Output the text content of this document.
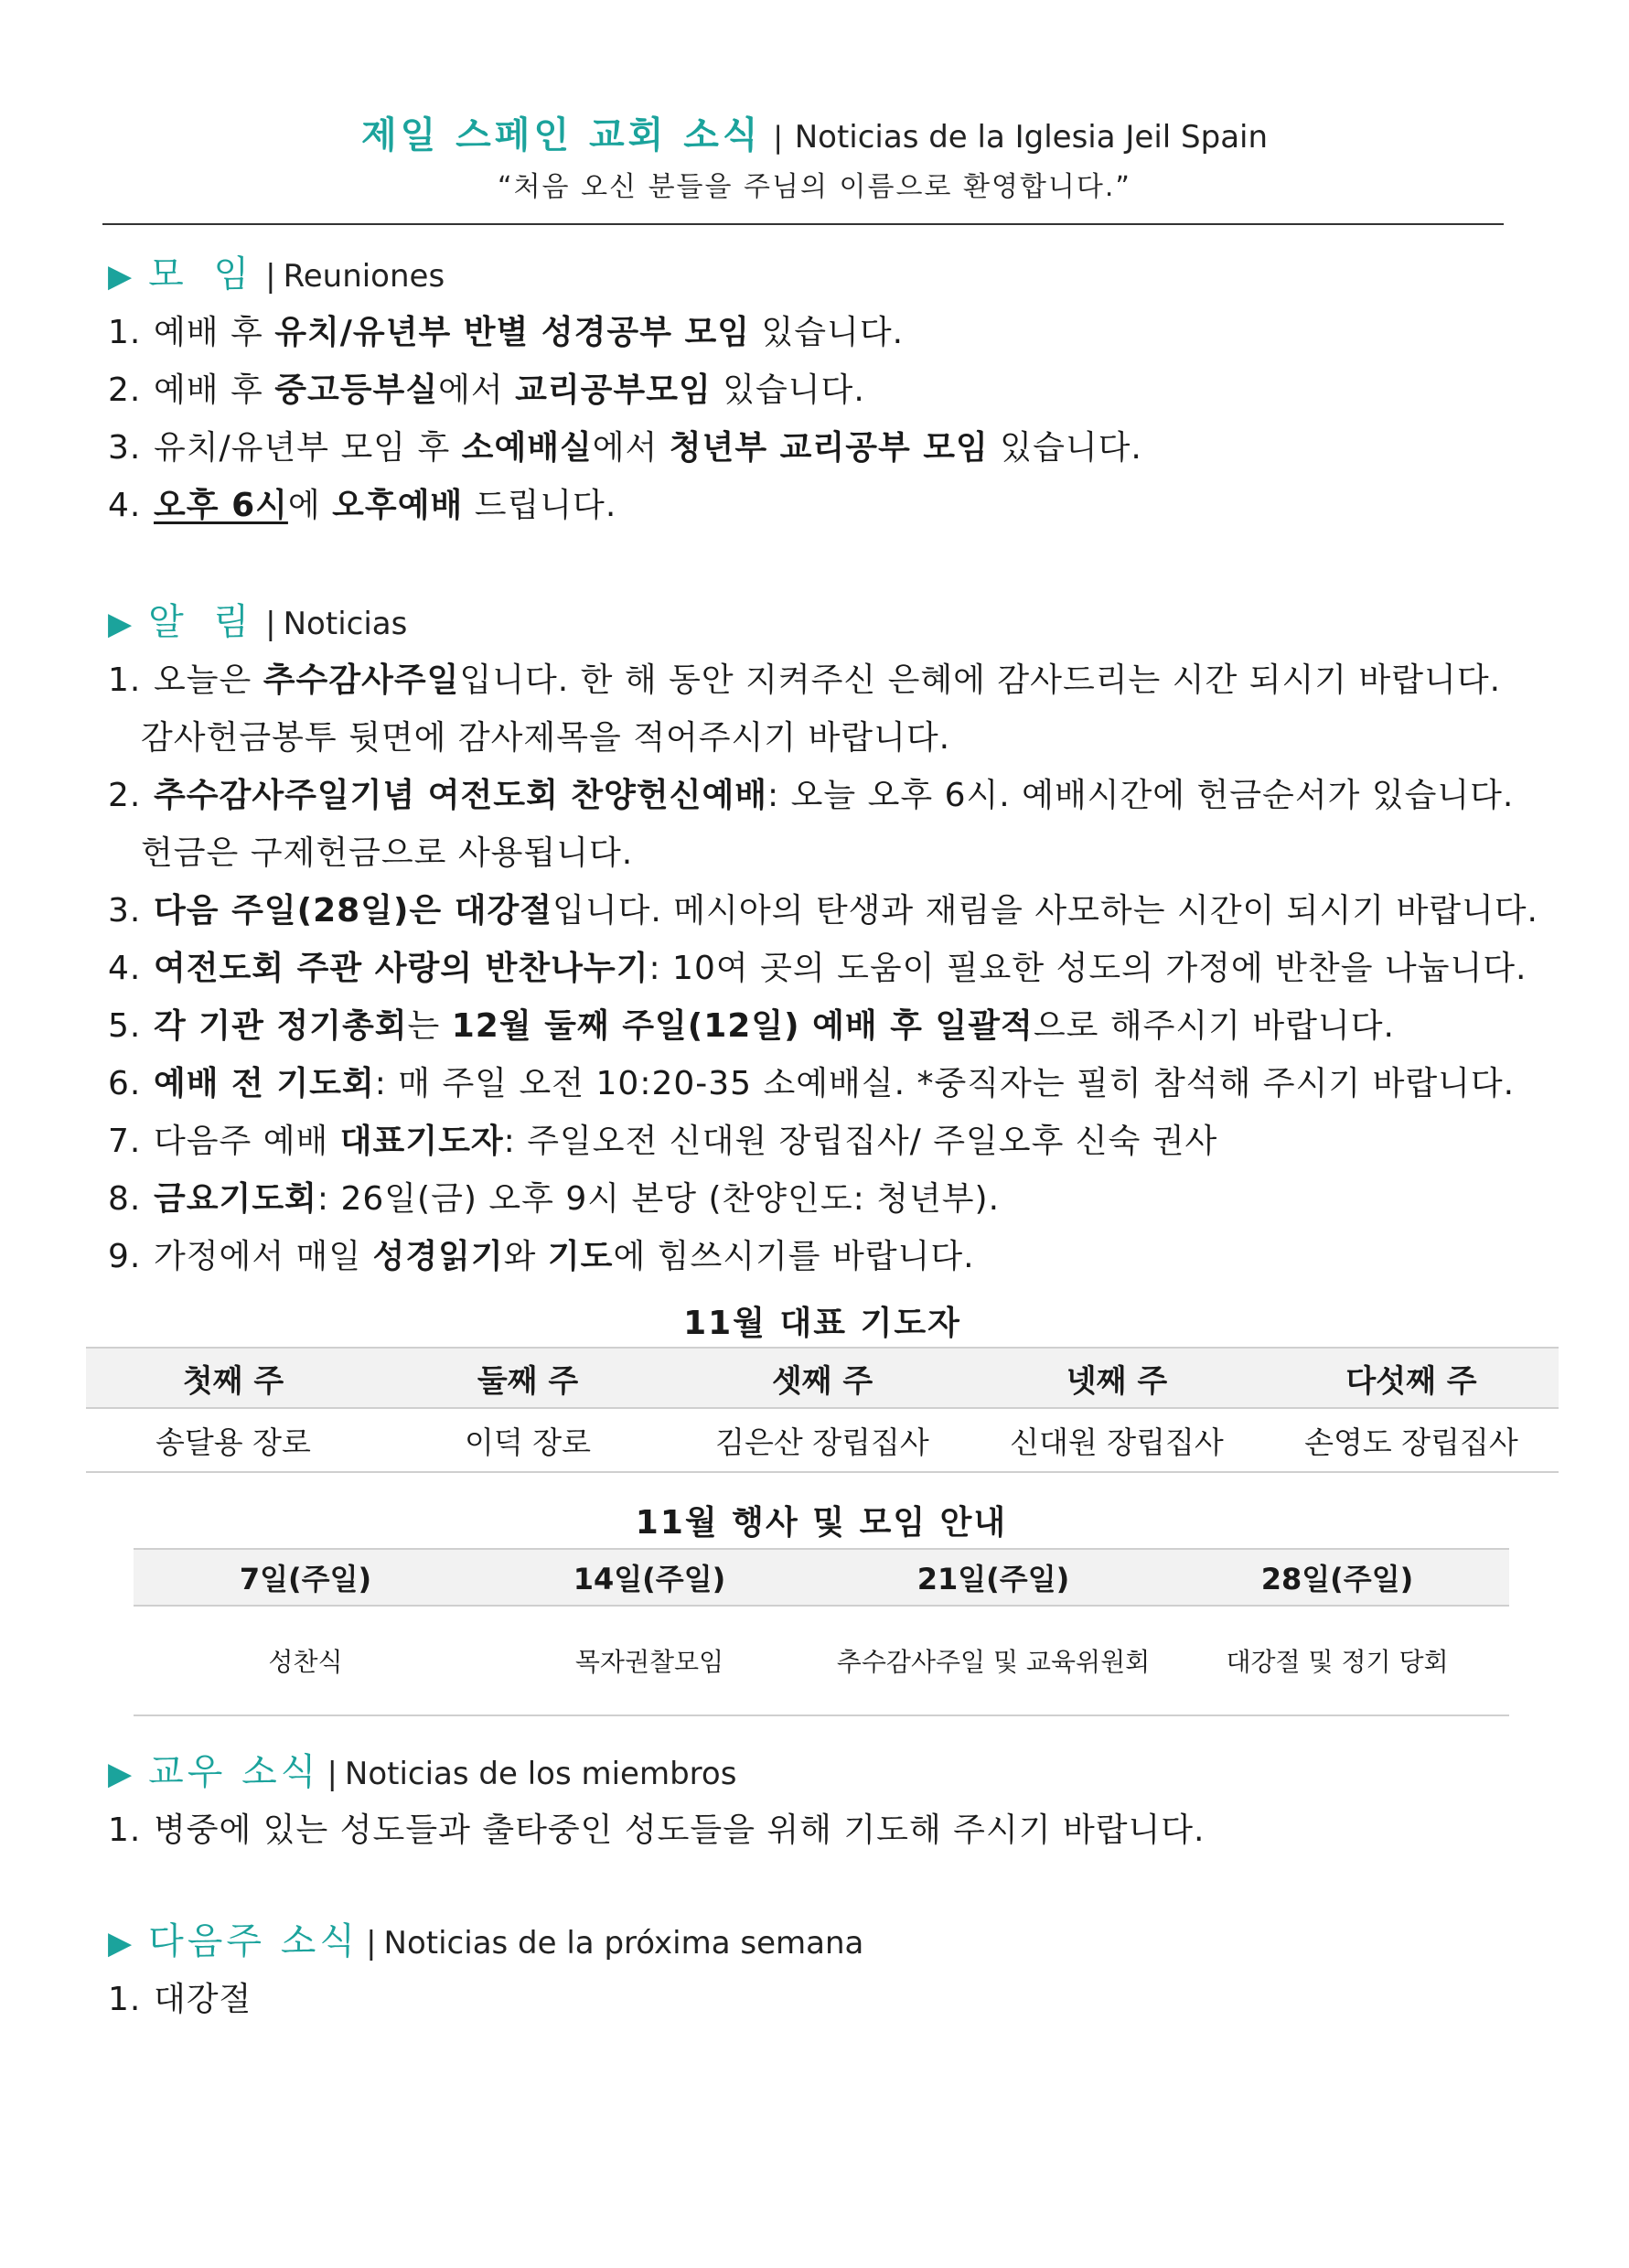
제일 스페인 교회 소식 | Noticias de la Iglesia Jeil Spain
“처음 오신 분들을 주님의 이름으로 환영합니다.”
▶ 모 임 | Reuniones
1. 예배 후 유치/유년부 반별 성경공부 모임 있습니다.
2. 예배 후 중고등부실에서 교리공부모임 있습니다.
3. 유치/유년부 모임 후 소예배실에서 청년부 교리공부 모임 있습니다.
4. 오후 6시에 오후예배 드립니다.
▶ 알 림 | Noticias
1. 오늘은 추수감사주일입니다. 한 해 동안 지켜주신 은혜에 감사드리는 시간 되시기 바랍니다.
감사헌금봉투 뒷면에 감사제목을 적어주시기 바랍니다.
2. 추수감사주일기념 여전도회 찬양헌신예배: 오늘 오후 6시. 예배시간에 헌금순서가 있습니다.
헌금은 구제헌금으로 사용됩니다.
3. 다음 주일(28일)은 대강절입니다. 메시아의 탄생과 재림을 사모하는 시간이 되시기 바랍니다.
4. 여전도회 주관 사랑의 반찬나누기: 10여 곳의 도움이 필요한 성도의 가정에 반찬을 나눕니다.
5. 각 기관 정기총회는 12월 둘째 주일(12일) 예배 후 일괄적으로 해주시기 바랍니다.
6. 예배 전 기도회: 매 주일 오전 10:20-35 소예배실. *중직자는 필히 참석해 주시기 바랍니다.
7. 다음주 예배 대표기도자: 주일오전 신대원 장립집사/ 주일오후 신숙 권사
8. 금요기도회: 26일(금) 오후 9시 본당 (찬양인도: 청년부).
9. 가정에서 매일 성경읽기와 기도에 힘쓰시기를 바랍니다.
11월 대표 기도자
첫째 주	둘째 주	셋째 주	넷째 주	다섯째 주
송달용 장로	이덕 장로	김은산 장립집사	신대원 장립집사	손영도 장립집사
11월 행사 및 모임 안내
7일(주일)	14일(주일)	21일(주일)	28일(주일)
성찬식	목자권찰모임	추수감사주일 및 교육위원회	대강절 및 정기 당회
▶ 교우 소식 | Noticias de los miembros
1. 병중에 있는 성도들과 출타중인 성도들을 위해 기도해 주시기 바랍니다.
▶ 다음주 소식 | Noticias de la próxima semana
1. 대강절
